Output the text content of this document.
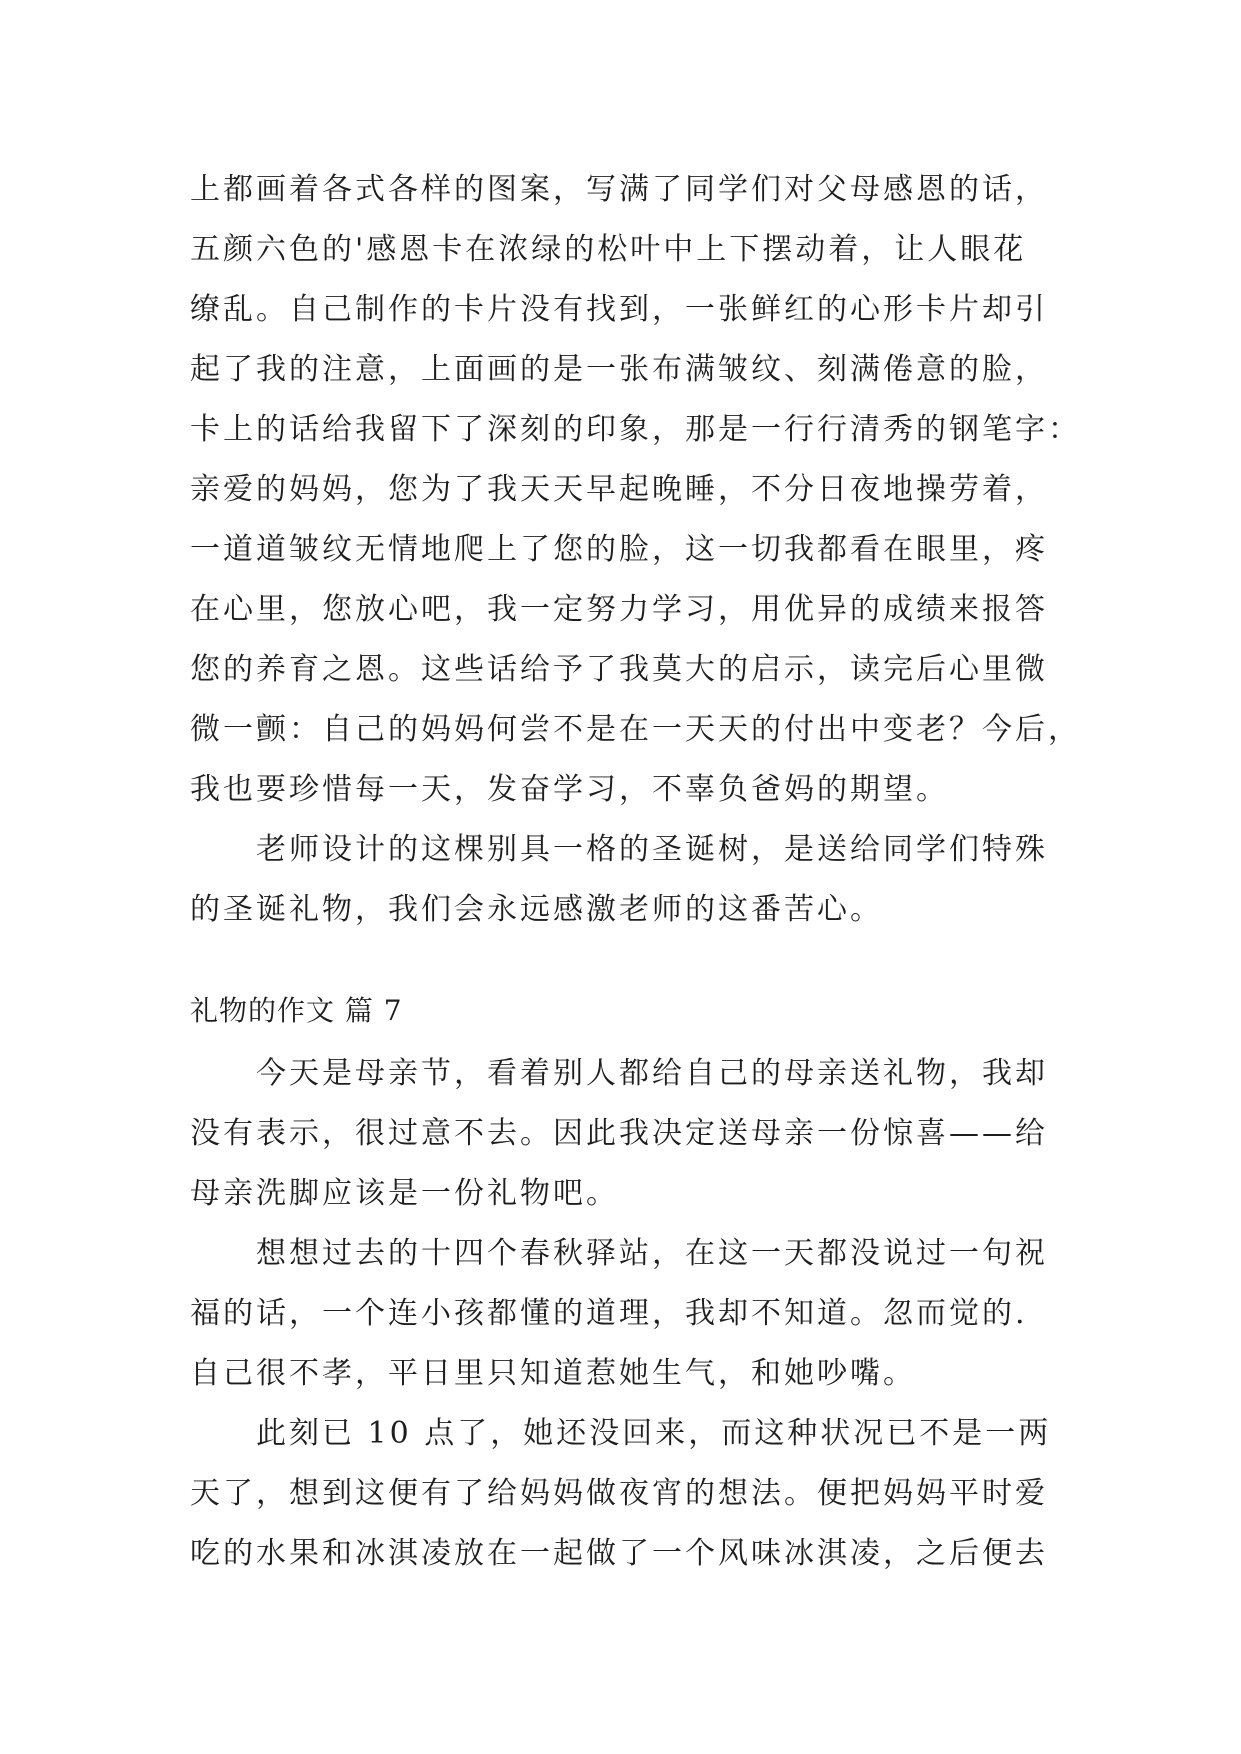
上都画着各式各样的图案，写满了同学们对父母感恩的话，
五颜六色的'感恩卡在浓绿的松叶中上下摆动着，让人眼花
缭乱。自己制作的卡片没有找到，一张鲜红的心形卡片却引
起了我的注意，上面画的是一张布满皱纹、刻满倦意的脸，
卡上的话给我留下了深刻的印象，那是一行行清秀的钢笔字：
亲爱的妈妈，您为了我天天早起晚睡，不分日夜地操劳着，
一道道皱纹无情地爬上了您的脸，这一切我都看在眼里，疼
在心里，您放心吧，我一定努力学习，用优异的成绩来报答
您的养育之恩。这些话给予了我莫大的启示，读完后心里微
微一颤：自己的妈妈何尝不是在一天天的付出中变老？今后，
我也要珍惜每一天，发奋学习，不辜负爸妈的期望。
老师设计的这棵别具一格的圣诞树，是送给同学们特殊
的圣诞礼物，我们会永远感激老师的这番苦心。
礼物的作文 篇 7
今天是母亲节，看着别人都给自己的母亲送礼物，我却
没有表示，很过意不去。因此我决定送母亲一份惊喜——给
母亲洗脚应该是一份礼物吧。
想想过去的十四个春秋驿站，在这一天都没说过一句祝
福的话，一个连小孩都懂的道理，我却不知道。忽而觉的.
自己很不孝，平日里只知道惹她生气，和她吵嘴。
此刻已 10 点了，她还没回来，而这种状况已不是一两
天了，想到这便有了给妈妈做夜宵的想法。便把妈妈平时爱
吃的水果和冰淇凌放在一起做了一个风味冰淇凌，之后便去
